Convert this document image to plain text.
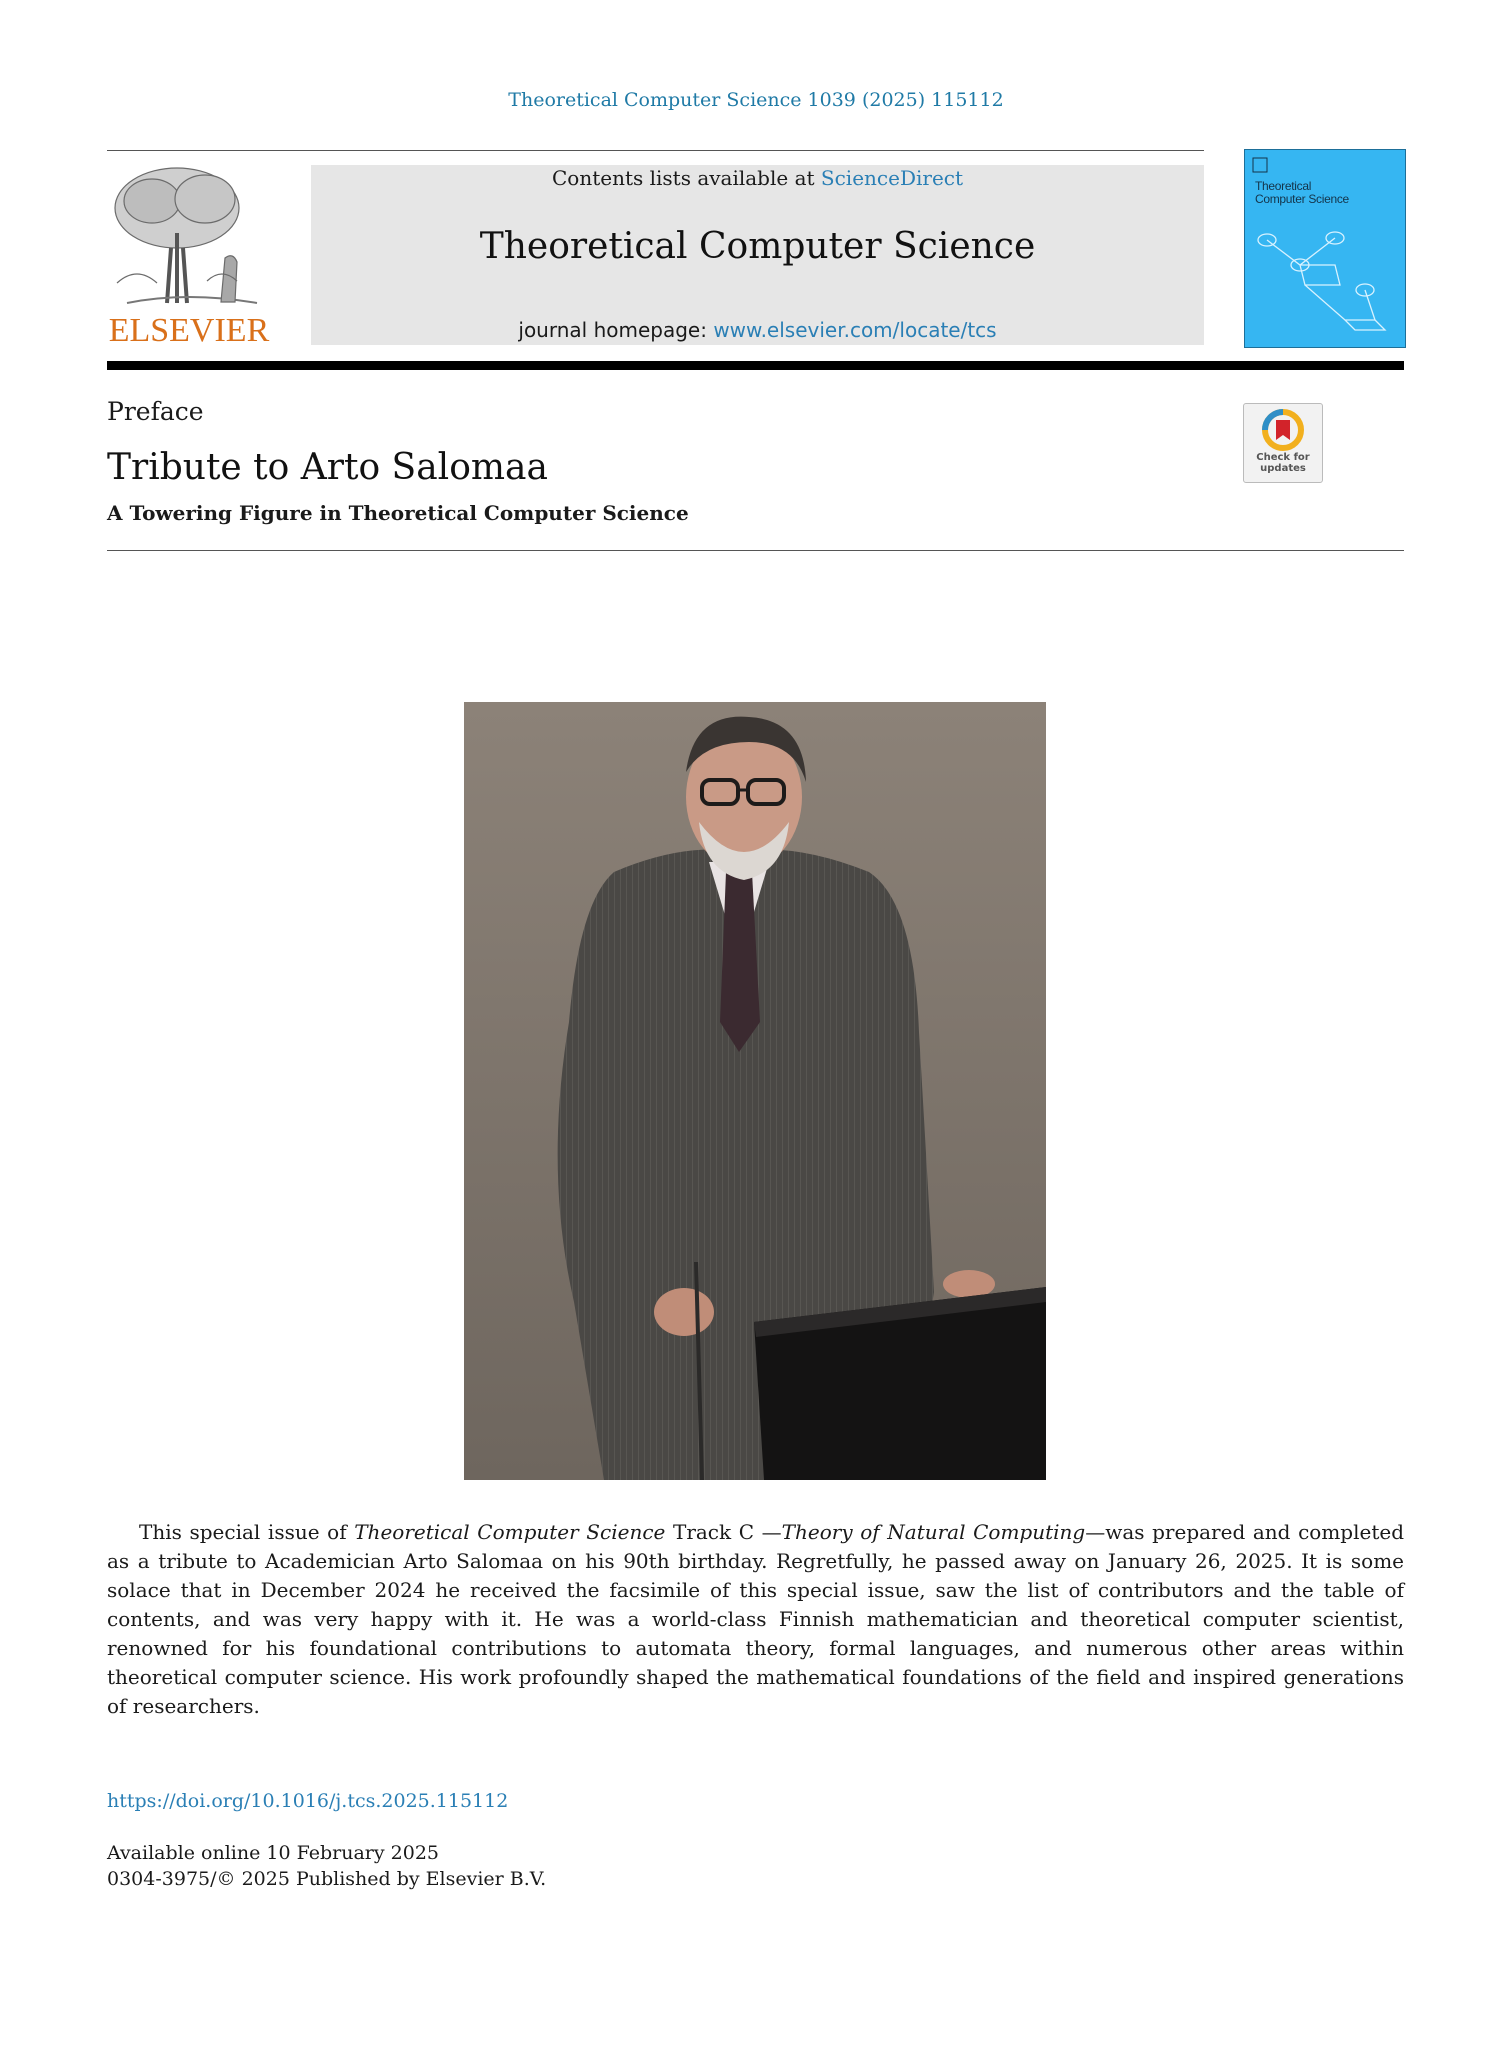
Theoretical Computer Science 1039 (2025) 115112
ELSEVIER
Contents lists available at ScienceDirect
Theoretical Computer Science
journal homepage: www.elsevier.com/locate/tcs
Theoretical
Computer Science
Preface
Tribute to Arto Salomaa
A Towering Figure in Theoretical Computer Science
Check for
updates
This special issue of Theoretical Computer Science Track C —Theory of Natural Computing—was prepared and completed as a tribute to Academician Arto Salomaa on his 90th birthday. Regretfully, he passed away on January 26, 2025. It is some solace that in December 2024 he received the facsimile of this special issue, saw the list of contributors and the table of contents, and was very happy with it. He was a world-class Finnish mathematician and theoretical computer scientist, renowned for his foundational contributions to automata theory, formal languages, and numerous other areas within theoretical computer science. His work profoundly shaped the mathematical foundations of the field and inspired generations of researchers.
https://doi.org/10.1016/j.tcs.2025.115112
Available online 10 February 2025
0304-3975/© 2025 Published by Elsevier B.V.
